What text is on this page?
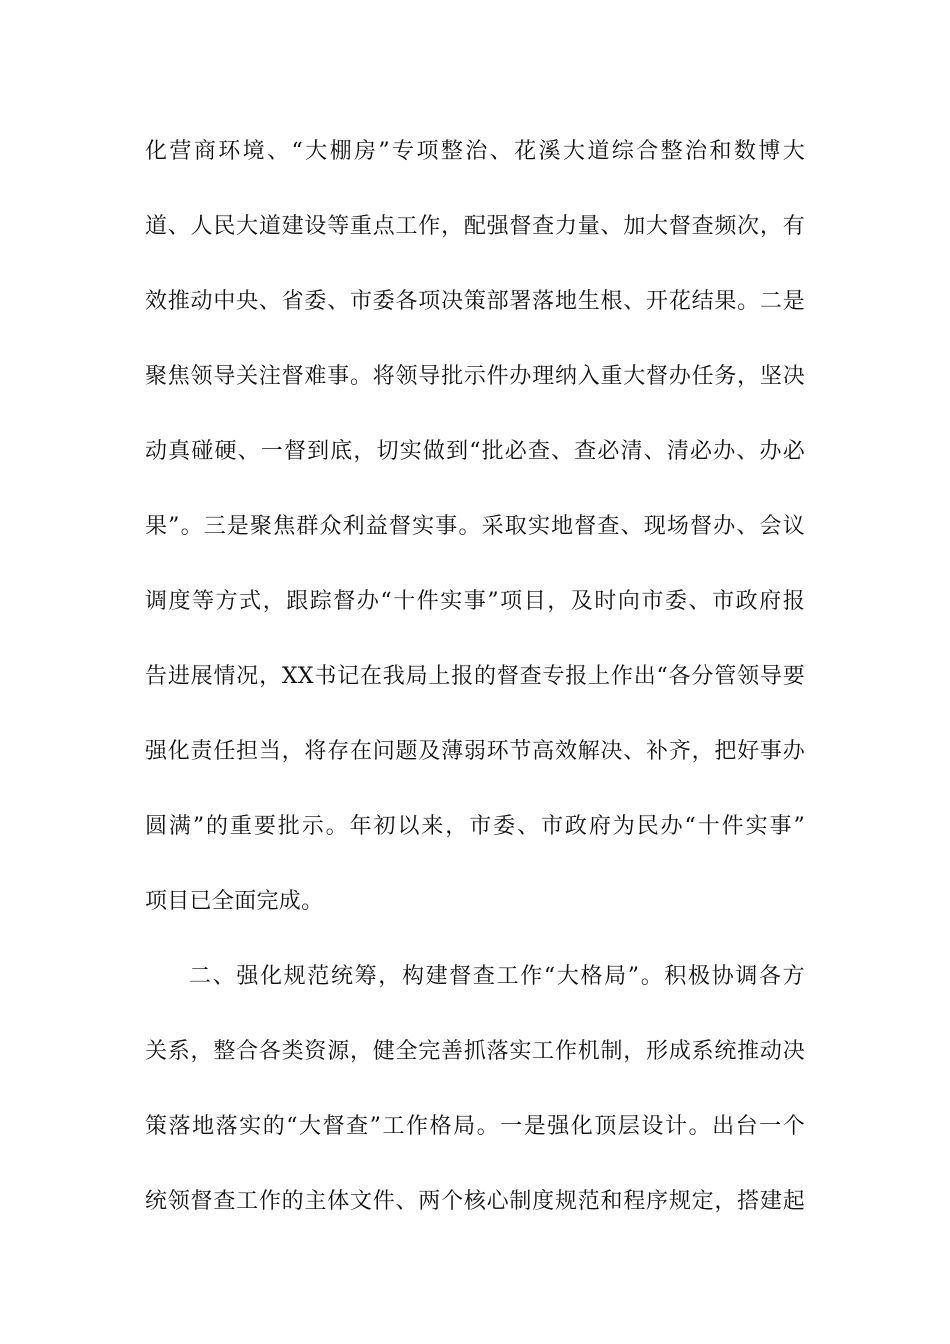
化营商环境、“大棚房”专项整治、花溪大道综合整治和数博大
道、人民大道建设等重点工作，配强督查力量、加大督查频次，有
效推动中央、省委、市委各项决策部署落地生根、开花结果。二是
聚焦领导关注督难事。将领导批示件办理纳入重大督办任务，坚决
动真碰硬、一督到底，切实做到“批必查、查必清、清必办、办必
果”。三是聚焦群众利益督实事。采取实地督查、现场督办、会议
调度等方式，跟踪督办“十件实事”项目，及时向市委、市政府报
告进展情况，XX书记在我局上报的督查专报上作出“各分管领导要
强化责任担当，将存在问题及薄弱环节高效解决、补齐，把好事办
圆满”的重要批示。年初以来，市委、市政府为民办“十件实事”
项目已全面完成。
二、强化规范统筹，构建督查工作“大格局”。积极协调各方
关系，整合各类资源，健全完善抓落实工作机制，形成系统推动决
策落地落实的“大督查”工作格局。一是强化顶层设计。出台一个
统领督查工作的主体文件、两个核心制度规范和程序规定，搭建起
